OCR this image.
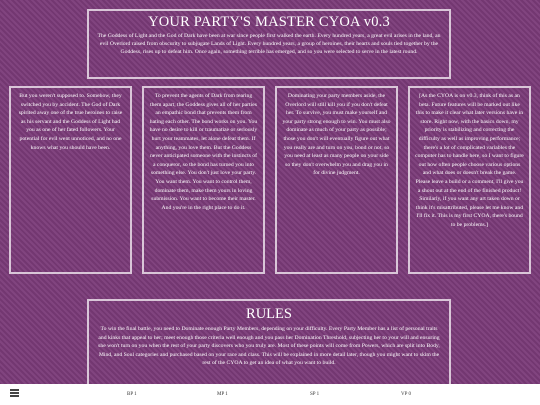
YOUR PARTY'S MASTER CYOA v0.3

The Goddess of Light and the God of Dark have been at war since people first walked the earth. Every hundred years, a great evil arises in the land, an evil Overlord raised from obscurity to subjugate Lands of Light. Every hundred years, a group of heroines, their hearts and souls tied together by the Goddess, rises up to defeat him. Once again, something terrible has emerged, and so you were selected to serve in the latest round.

But you weren't supposed to. Somehow, they switched you by accident. The God of Dark spirited away one of the true heroines to raise as his servant and the Goddess of Light had you as one of her fated followers. Your potential for evil went unnoticed, and no one knows what you should have been.

To prevent the agents of Dark from tearing them apart, the Goddess gives all of her parties an empathic bond that prevents them from hating each other. The bond works on you. You have no desire to kill or traumatize or seriously hurt your teammates, let alone defeat them. If anything, you love them. But the Goddess never anticipated someone with the instincts of a conqueror, so the bond has turned you into something else. You don't just love your party. You want them. You want to control them, dominate them, make them yours in loving submission. You want to become their master. And you're in the right place to do it.

Dominating your party members aside, the Overlord will still kill you if you don't defeat her. To survive, you must make yourself and your party strong enough to win. You must also dominate as much of your party as possible; those you don't will eventually figure out what you really are and turn on you, bond or not, so you need at least as many people on your side so they don't overwhelm you and drag you in for divine judgment.

[As the CYOA is on v0.3, think of this as an beta. Future features will be marked out like this to make it clear what later versions have in store. Right now, with the basics down, my priority is stabilizing and correcting the difficulty as well as improving performance; there's a lot of complicated variables the computer has to handle here, so I want to figure out how often people choose various options and what does or doesn't break the game. Please leave a build or a comment, I'll give you a shout out at the end of the finished product! Similarly, if you want any art taken down or think it's misattributed, please let me know and I'll fix it. This is my first CYOA, there's bound to be problems.]

RULES

To win the final battle, you need to Dominate enough Party Members, depending on your difficulty. Every Party Member has a list of personal traits and kinks that appeal to her; meet enough those criteria well enough and you pass her Domination Threshold, subjecting her to your will and ensuring she won't turn on you when the rest of your party discovers who you truly are. Most of these points will come from Powers, which are split into Body, Mind, and Soul categories and purchased based on your race and class. This will be explained in more detail later, though you might want to skim the rest of the CYOA to get an idea of what you want to build.

BP 1	MP 1	SP 1	VP 0
